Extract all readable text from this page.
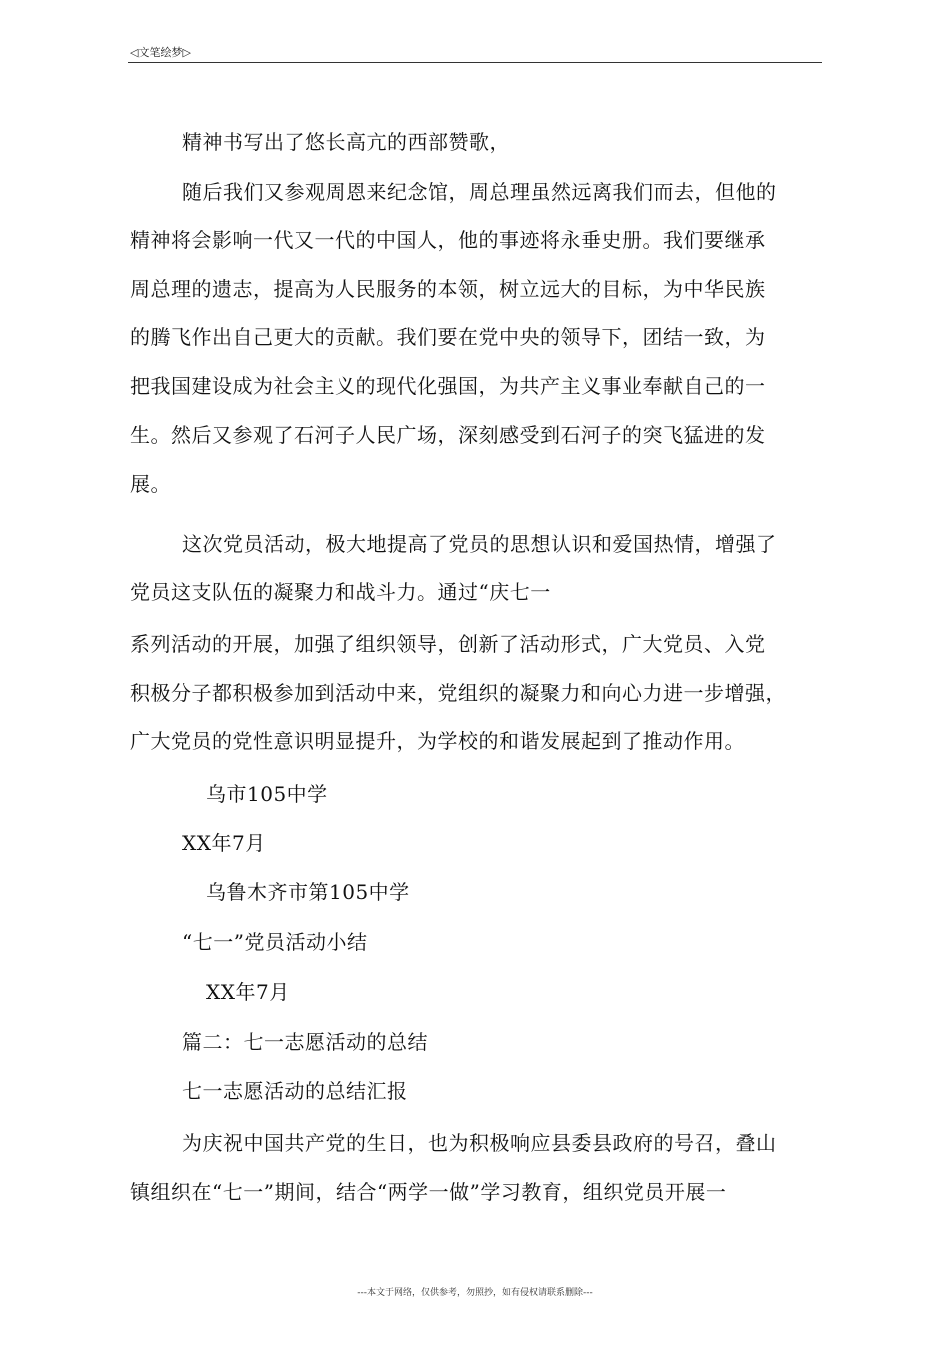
◁文笔绘梦▷
精神书写出了悠长高亢的西部赞歌，
随后我们又参观周恩来纪念馆，周总理虽然远离我们而去，但他的
精神将会影响一代又一代的中国人，他的事迹将永垂史册。我们要继承
周总理的遗志，提高为人民服务的本领，树立远大的目标，为中华民族
的腾飞作出自己更大的贡献。我们要在党中央的领导下，团结一致，为
把我国建设成为社会主义的现代化强国，为共产主义事业奉献自己的一
生。然后又参观了石河子人民广场，深刻感受到石河子的突飞猛进的发
展。
这次党员活动，极大地提高了党员的思想认识和爱国热情，增强了
党员这支队伍的凝聚力和战斗力。通过“庆七一
系列活动的开展，加强了组织领导，创新了活动形式，广大党员、入党
积极分子都积极参加到活动中来，党组织的凝聚力和向心力进一步增强，
广大党员的党性意识明显提升，为学校的和谐发展起到了推动作用。
乌市105中学
XX年7月
乌鲁木齐市第105中学
“七一”党员活动小结
XX年7月
篇二：七一志愿活动的总结
七一志愿活动的总结汇报
为庆祝中国共产党的生日，也为积极响应县委县政府的号召，叠山
镇组织在“七一”期间，结合“两学一做”学习教育，组织党员开展一
---本文于网络，仅供参考，勿照抄，如有侵权请联系删除---
